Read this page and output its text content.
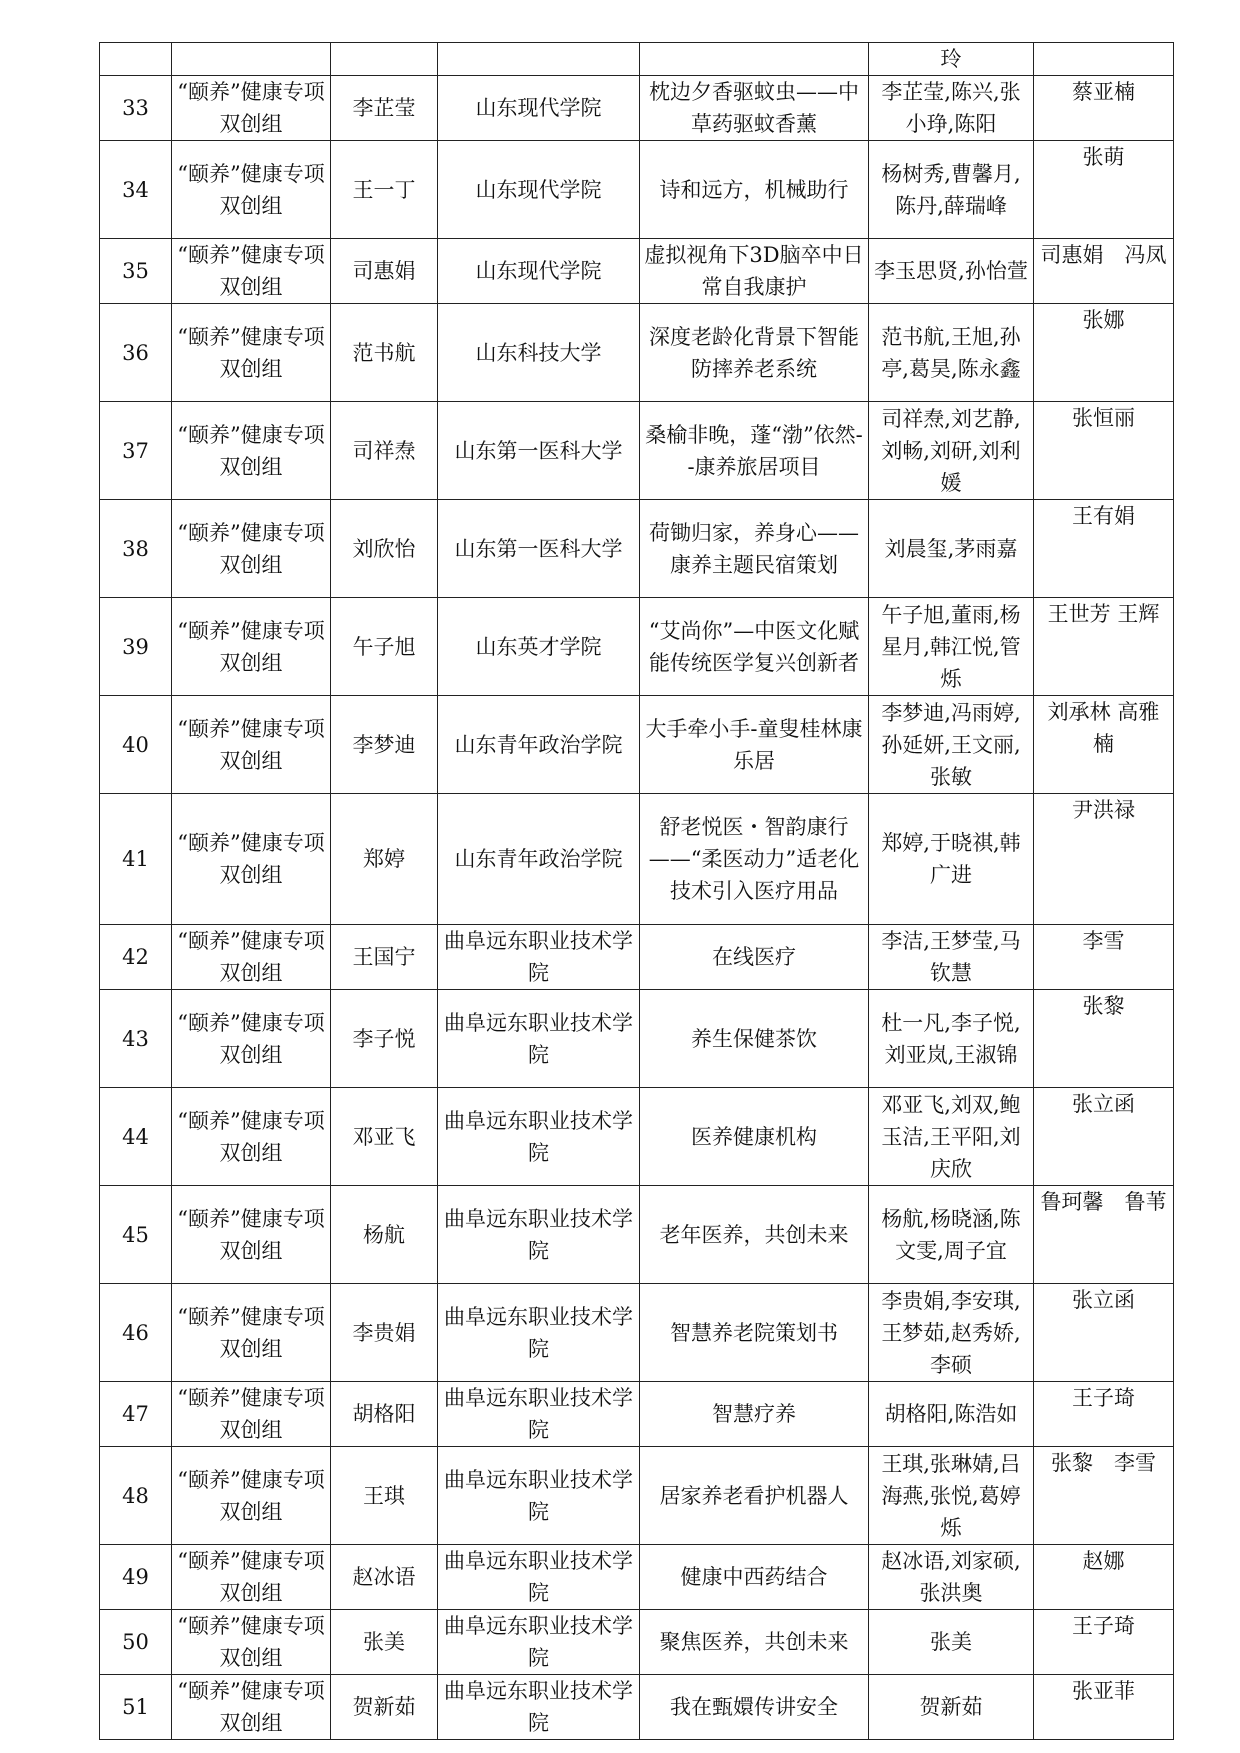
					玲	
33	“颐养”健康专项双创组	李芷莹	山东现代学院	枕边夕香驱蚊虫——中草药驱蚊香薰	李芷莹,陈兴,张小琤,陈阳	蔡亚楠
34	“颐养”健康专项双创组	王一丁	山东现代学院	诗和远方，机械助行	杨树秀,曹馨月,陈丹,薛瑞峰	张萌
35	“颐养”健康专项双创组	司惠娟	山东现代学院	虚拟视角下3D脑卒中日常自我康护	李玉思贤,孙怡萱	司惠娟　冯凤
36	“颐养”健康专项双创组	范书航	山东科技大学	深度老龄化背景下智能防摔养老系统	范书航,王旭,孙亭,葛昊,陈永鑫	张娜
37	“颐养”健康专项双创组	司祥焘	山东第一医科大学	桑榆非晚，蓬“渤”依然--康养旅居项目	司祥焘,刘艺静,刘畅,刘研,刘利媛	张恒丽
38	“颐养”健康专项双创组	刘欣怡	山东第一医科大学	荷锄归家，养身心——康养主题民宿策划	刘晨玺,茅雨嘉	王有娟
39	“颐养”健康专项双创组	午子旭	山东英才学院	“艾尚你”—中医文化赋能传统医学复兴创新者	午子旭,董雨,杨星月,韩江悦,管烁	王世芳 王辉
40	“颐养”健康专项双创组	李梦迪	山东青年政治学院	大手牵小手-童叟桂林康乐居	李梦迪,冯雨婷,孙延妍,王文丽,张敏	刘承林 高雅楠
41	“颐养”健康专项双创组	郑婷	山东青年政治学院	舒老悦医・智韵康行——“柔医动力”适老化技术引入医疗用品	郑婷,于晓祺,韩广进	尹洪禄
42	“颐养”健康专项双创组	王国宁	曲阜远东职业技术学院	在线医疗	李洁,王梦莹,马钦慧	李雪
43	“颐养”健康专项双创组	李子悦	曲阜远东职业技术学院	养生保健茶饮	杜一凡,李子悦,刘亚岚,王淑锦	张黎
44	“颐养”健康专项双创组	邓亚飞	曲阜远东职业技术学院	医养健康机构	邓亚飞,刘双,鲍玉洁,王平阳,刘庆欣	张立函
45	“颐养”健康专项双创组	杨航	曲阜远东职业技术学院	老年医养，共创未来	杨航,杨晓涵,陈文雯,周子宜	鲁珂馨　鲁苇
46	“颐养”健康专项双创组	李贵娟	曲阜远东职业技术学院	智慧养老院策划书	李贵娟,李安琪,王梦茹,赵秀娇,李硕	张立函
47	“颐养”健康专项双创组	胡格阳	曲阜远东职业技术学院	智慧疗养	胡格阳,陈浩如	王子琦
48	“颐养”健康专项双创组	王琪	曲阜远东职业技术学院	居家养老看护机器人	王琪,张琳婧,吕海燕,张悦,葛婷烁	张黎　李雪
49	“颐养”健康专项双创组	赵冰语	曲阜远东职业技术学院	健康中西药结合	赵冰语,刘家硕,张洪奥	赵娜
50	“颐养”健康专项双创组	张美	曲阜远东职业技术学院	聚焦医养，共创未来	张美	王子琦
51	“颐养”健康专项双创组	贺新茹	曲阜远东职业技术学院	我在甄嬛传讲安全	贺新茹	张亚菲
